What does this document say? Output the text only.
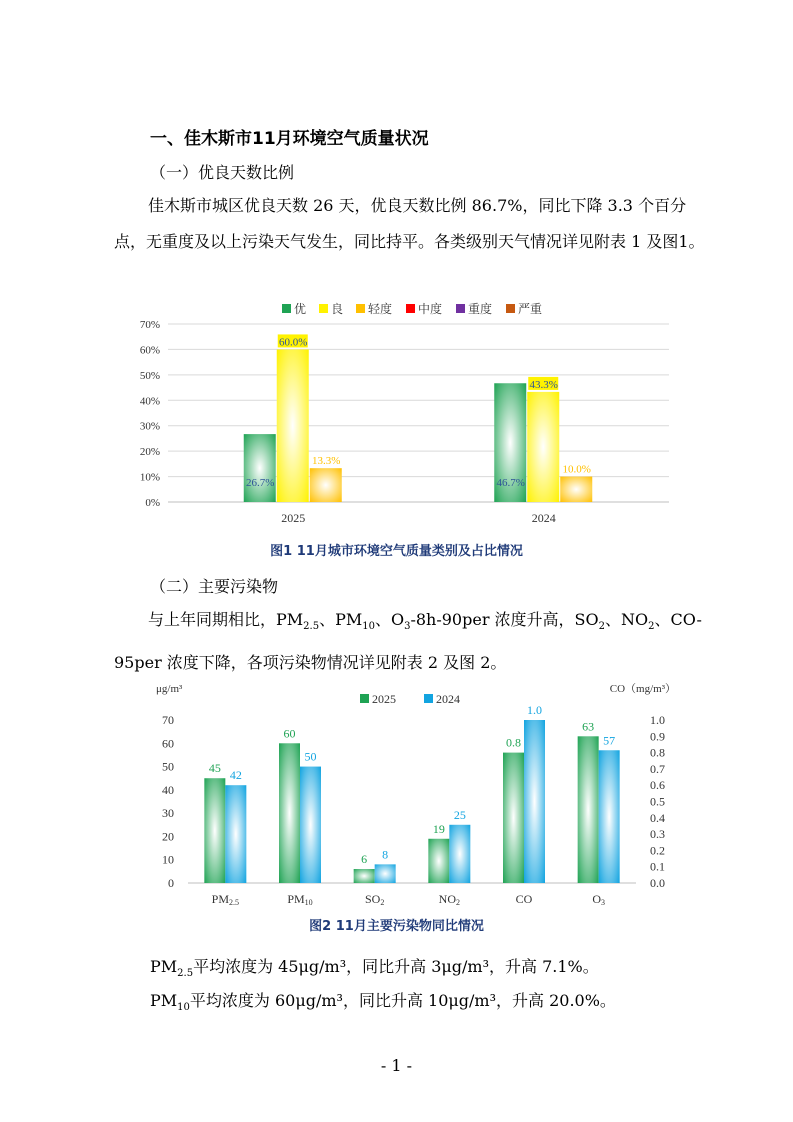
一、佳木斯市11月环境空气质量状况
（一）优良天数比例

佳木斯市城区优良天数 26 天，优良天数比例 86.7%，同比下降 3.3 个百分点，无重度及以上污染天气发生，同比持平。各类级别天气情况详见附表 1 及图1。

优 良 轻度 中度 重度 严重
0%
10%
20%
30%
40%
50%
60%
70%
26.7%
60.0%
13.3%
46.7%
43.3%
10.0%
2025	2024
图1 11月城市环境空气质量类别及占比情况
（二）主要污染物

与上年同期相比，$PM_{2.5}$、$PM_{10}$、$O_3-8h-90per$ 浓度升高，$SO_2$、$NO_2$、CO-95per 浓度下降，各项污染物情况详见附表 2 及图 2。

2025	2024
μg/m³	CO（mg/m³）
0
10
20
30
40
50
60
70
0.0
0.1
0.2
0.3
0.4
0.5
0.6
0.7
0.8
0.9
1.0
45 42
60
50
6 8
19
25
0.8
1.0
63
57
PM2.5	PM10	SO2	NO2	CO	O3
图2 11月主要污染物同比情况
$PM_{2.5}$平均浓度为 45μg/m³，同比升高 3μg/m³，升高 7.1%。
$PM_{10}$平均浓度为 60μg/m³，同比升高 10μg/m³，升高 20.0%。
- 1 -
